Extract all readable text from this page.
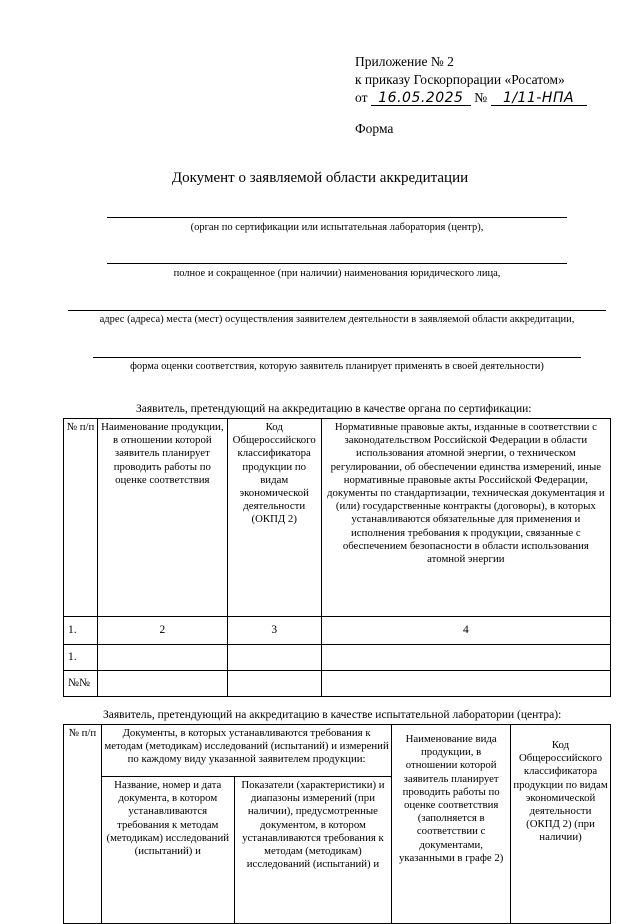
Приложение № 2
к приказу Госкорпорации «Росатом»
от 16.05.2025 № 1/11-НПА
Форма
Документ о заявляемой области аккредитации
(орган по сертификации или испытательная лаборатория (центр),
полное и сокращенное (при наличии) наименования юридического лица,
адрес (адреса) места (мест) осуществления заявителем деятельности в заявляемой области аккредитации,
форма оценки соответствия, которую заявитель планирует применять в своей деятельности)
Заявитель, претендующий на аккредитацию в качестве органа по сертификации:
№ п/п	Наименование продукции, в отношении которой заявитель планирует проводить работы по оценке соответствия	Код Общероссийского классификатора продукции по видам экономической деятельности (ОКПД 2)	Нормативные правовые акты, изданные в соответствии с законодательством Российской Федерации в области использования атомной энергии, о техническом регулировании, об обеспечении единства измерений, иные нормативные правовые акты Российской Федерации, документы по стандартизации, техническая документация и (или) государственные контракты (договоры), в которых устанавливаются обязательные для применения и исполнения требования к продукции, связанные с обеспечением безопасности в области использования атомной энергии
1.	2	3	4
1.			
№№			
Заявитель, претендующий на аккредитацию в качестве испытательной лаборатории (центра):
№ п/п	Документы, в которых устанавливаются требования к методам (методикам) исследований (испытаний) и измерений по каждому виду указанной заявителем продукции:		Наименование вида продукции, в отношении которой заявитель планирует проводить работы по оценке соответствия (заполняется в соответствии с документами, указанными в графе 2)	Код Общероссийского классификатора продукции по видам экономической деятельности (ОКПД 2) (при наличии)
	Название, номер и дата документа, в котором устанавливаются требования к методам (методикам) исследований (испытаний) и	Показатели (характеристики) и диапазоны измерений (при наличии), предусмотренные документом, в котором устанавливаются требования к методам (методикам) исследований (испытаний) и		
